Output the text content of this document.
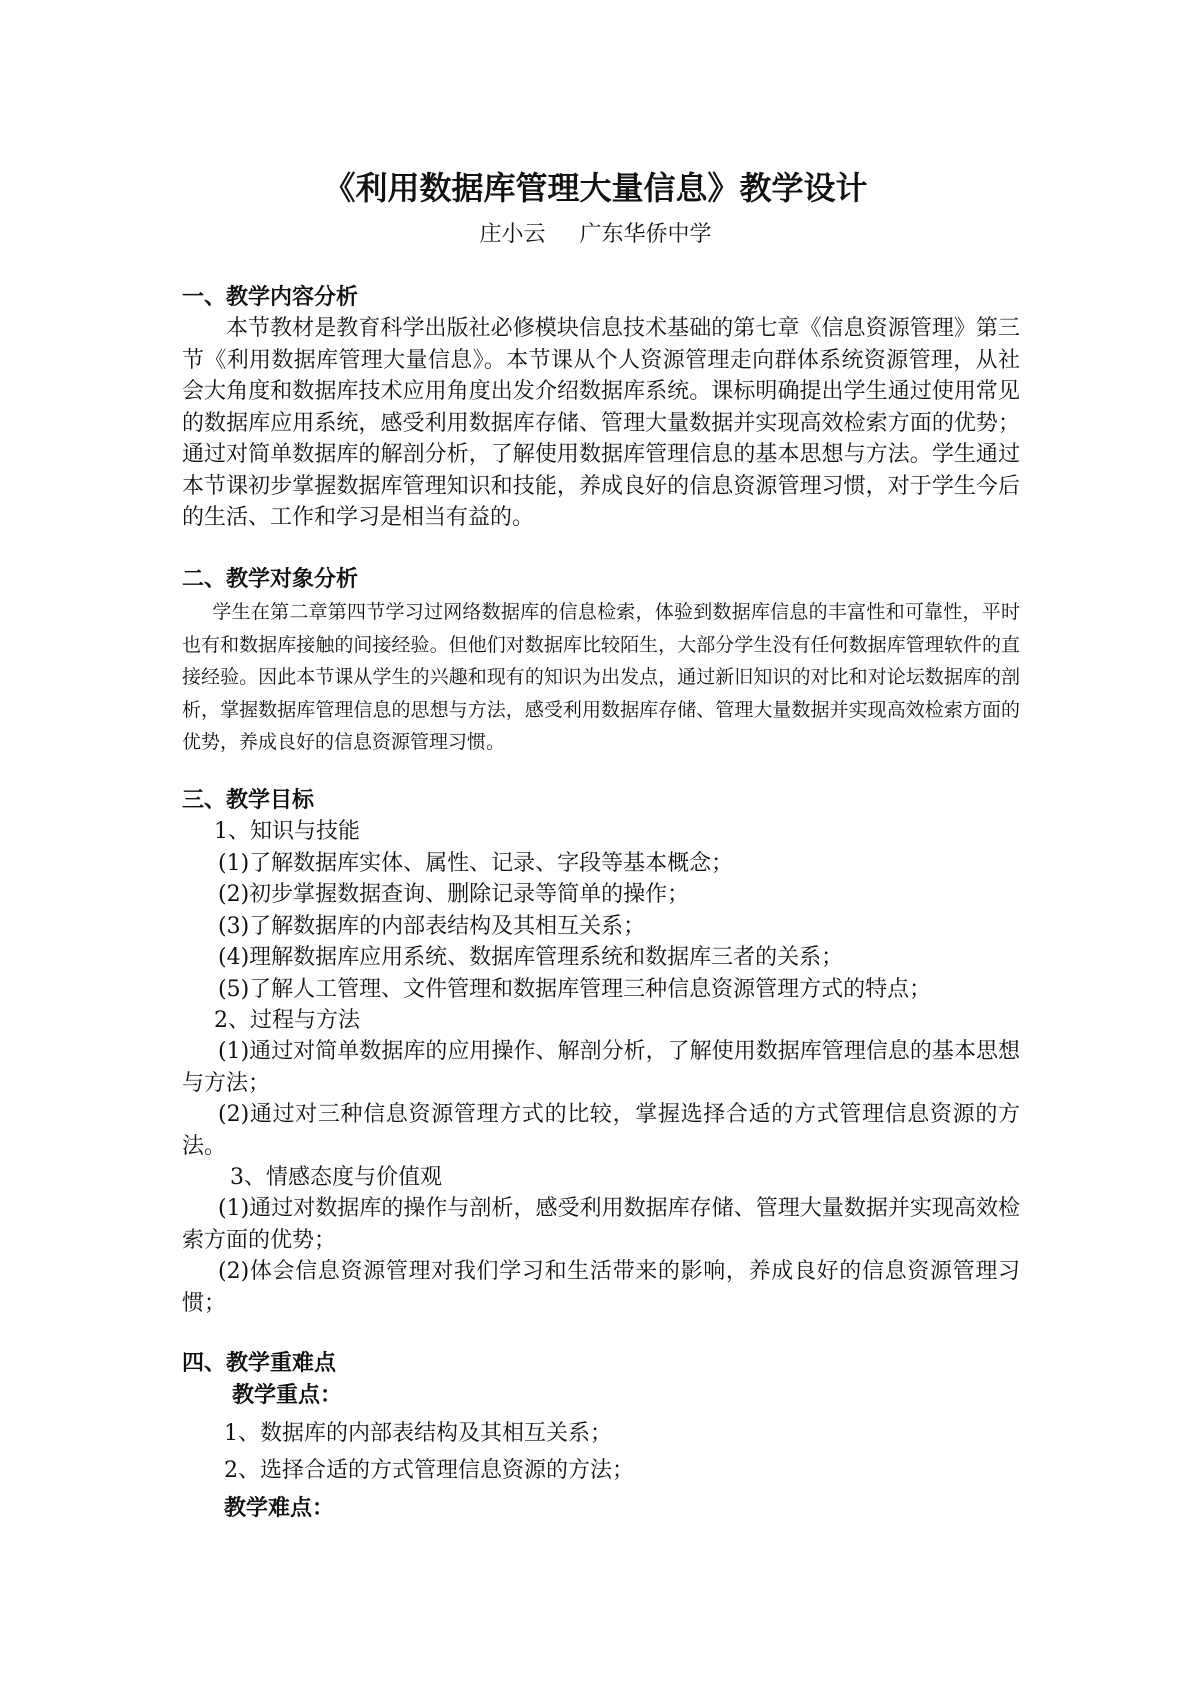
《利用数据库管理大量信息》教学设计
庄小云 广东华侨中学
一、教学内容分析

本节教材是教育科学出版社必修模块信息技术基础的第七章《信息资源管理》第三节《利用数据库管理大量信息》。本节课从个人资源管理走向群体系统资源管理，从社会大角度和数据库技术应用角度出发介绍数据库系统。课标明确提出学生通过使用常见的数据库应用系统，感受利用数据库存储、管理大量数据并实现高效检索方面的优势；通过对简单数据库的解剖分析，了解使用数据库管理信息的基本思想与方法。学生通过本节课初步掌握数据库管理知识和技能，养成良好的信息资源管理习惯，对于学生今后的生活、工作和学习是相当有益的。

二、教学对象分析

学生在第二章第四节学习过网络数据库的信息检索，体验到数据库信息的丰富性和可靠性，平时也有和数据库接触的间接经验。但他们对数据库比较陌生，大部分学生没有任何数据库管理软件的直接经验。因此本节课从学生的兴趣和现有的知识为出发点，通过新旧知识的对比和对论坛数据库的剖析，掌握数据库管理信息的思想与方法，感受利用数据库存储、管理大量数据并实现高效检索方面的优势，养成良好的信息资源管理习惯。

三、教学目标

1、知识与技能

(1)了解数据库实体、属性、记录、字段等基本概念；

(2)初步掌握数据查询、删除记录等简单的操作；

(3)了解数据库的内部表结构及其相互关系；

(4)理解数据库应用系统、数据库管理系统和数据库三者的关系；

(5)了解人工管理、文件管理和数据库管理三种信息资源管理方式的特点；

2、过程与方法

(1)通过对简单数据库的应用操作、解剖分析，了解使用数据库管理信息的基本思想与方法；

(2)通过对三种信息资源管理方式的比较，掌握选择合适的方式管理信息资源的方法。

3、情感态度与价值观

(1)通过对数据库的操作与剖析，感受利用数据库存储、管理大量数据并实现高效检索方面的优势；

(2)体会信息资源管理对我们学习和生活带来的影响，养成良好的信息资源管理习惯；

四、教学重难点

教学重点：

1、数据库的内部表结构及其相互关系；

2、选择合适的方式管理信息资源的方法；

教学难点：
